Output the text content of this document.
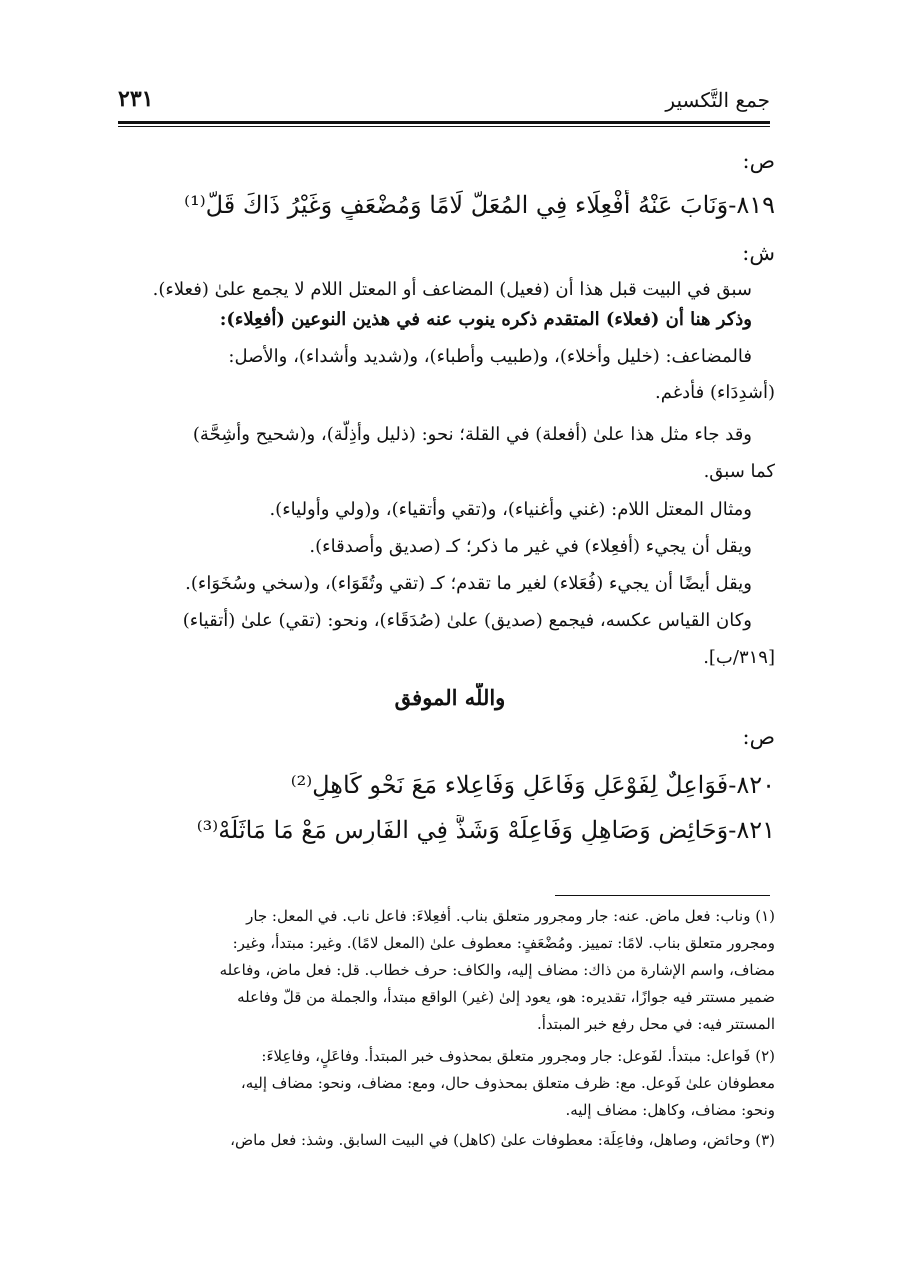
جمع التَّكسير
٢٣١
ص:
٨١٩-وَنَابَ عَنْهُ أَفْعِلَاء فِي المُعَلّ لَامًا وَمُضْعَفٍ وَغَيْرُ ذَاكَ قَلّ⁽¹⁾
ش:
سبق في البيت قبل هذا أن (فعيل) المضاعف أو المعتل اللام لا يجمع علىٰ (فعلاء).
وذكر هنا أن (فعلاء) المتقدم ذكره ينوب عنه في هذين النوعين (أفعِلاء):
فالمضاعف: (خليل وأخلاء)، و(طبيب وأطباء)، و(شديد وأشداء)، والأصل:
(أشدِدَاء) فأدغم.
وقد جاء مثل هذا علىٰ (أفعلة) في القلة؛ نحو: (ذليل وأذِلَّة)، و(شحيح وأشِحَّة)
كما سبق.
ومثال المعتل اللام: (غني وأغنياء)، و(تقي وأتقياء)، و(ولي وأولياء).
ويقل أن يجيء (أفعِلاء) في غير ما ذكر؛ كـ (صديق وأصدقاء).
ويقل أيضًا أن يجيء (فُعَلاء) لغير ما تقدم؛ كـ (تقي وتُقَوَاء)، و(سخي وسُخَوَاء).
وكان القياس عكسه، فيجمع (صديق) علىٰ (صُدَقَاء)، ونحو: (تقي) علىٰ (أتقياء)
[٣١٩/ب].
واللَّه الموفق
ص:
٨٢٠-فَوَاعِلٌ لِفَوْعَلٍ وَفَاعَلٍ وَفَاعِلاء مَعَ نَحْوِ كَاهِلٍ⁽²⁾
٨٢١-وَحَائِضٍ وَصَاهِلٍ وَفَاعِلَهْ وَشَذَّ فِي الفَارِسِ مَعْ مَا مَاثَلَهْ⁽³⁾
(١) وناب: فعل ماض. عنه: جار ومجرور متعلق بناب. أفعِلاءَ: فاعل ناب. في المعل: جار
ومجرور متعلق بناب. لامًا: تمييز. ومُضْعَفٍ: معطوف علىٰ (المعل لامًا). وغير: مبتدأ، وغير:
مضاف، واسم الإشارة من ذاك: مضاف إليه، والكاف: حرف خطاب. قل: فعل ماض، وفاعله
ضمير مستتر فيه جوازًا، تقديره: هو، يعود إلىٰ (غير) الواقع مبتدأ، والجملة من قلّ وفاعله
المستتر فيه: في محل رفع خبر المبتدأ.
(٢) فَواعل: مبتدأ. لفَوعل: جار ومجرور متعلق بمحذوف خبر المبتدأ. وفاعَلٍ، وفاعِلاءَ:
معطوفان علىٰ فَوعل. مع: ظرف متعلق بمحذوف حال، ومع: مضاف، ونحو: مضاف إليه،
ونحو: مضاف، وكاهل: مضاف إليه.
(٣) وحائض، وصاهل، وفاعِلَة: معطوفات علىٰ (كاهل) في البيت السابق. وشذ: فعل ماض،
